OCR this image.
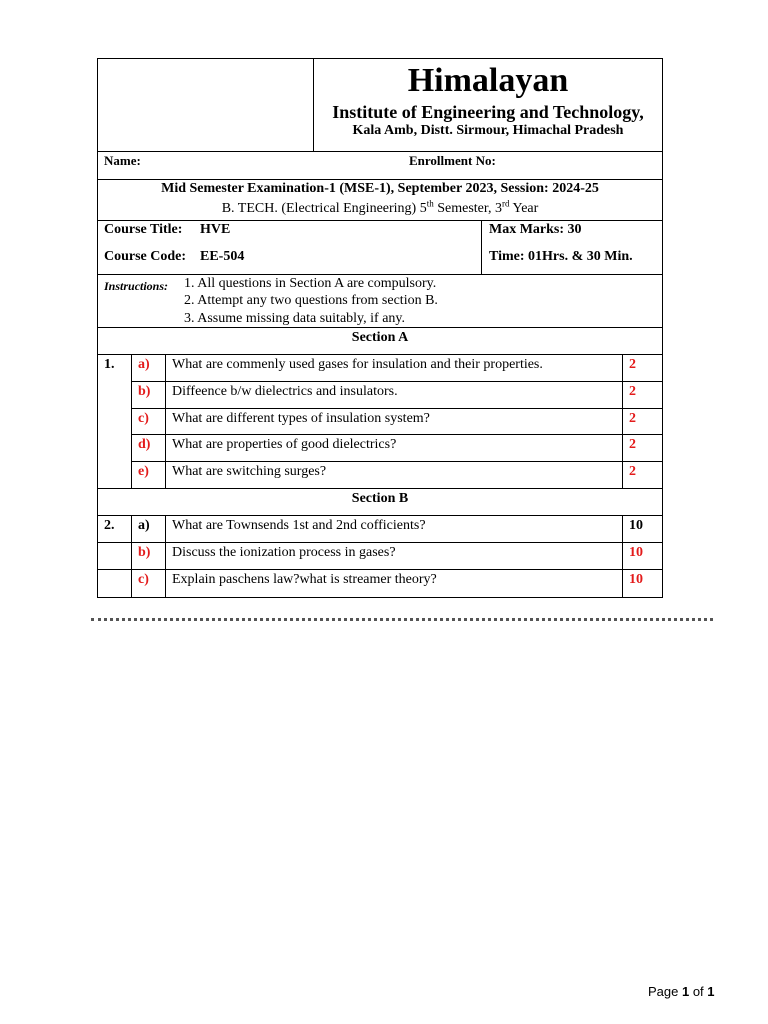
Himalayan
Institute of Engineering and Technology,
Kala Amb, Distt. Sirmour, Himachal Pradesh
Name:	Enrollment No:
Mid Semester Examination-1 (MSE-1), September 2023, Session: 2024-25
B. TECH. (Electrical Engineering) 5th Semester, 3rd Year
Course Title: HVE
Course Code: EE-504
Max Marks: 30
Time: 01Hrs. & 30 Min.
Instructions: 1. All questions in Section A are compulsory.
2. Attempt any two questions from section B.
3. Assume missing data suitably, if any.
Section A
1. a) What are commenly used gases for insulation and their properties.	2
b) Diffeence b/w dielectrics and insulators.	2
c) What are different types of insulation system?	2
d) What are properties of good dielectrics?	2
e) What are switching surges?	2
Section B
2. a) What are Townsends 1st and 2nd cofficients?	10
b) Discuss the ionization process in gases?	10
c) Explain paschens law?what is streamer theory?	10
Page 1 of 1
